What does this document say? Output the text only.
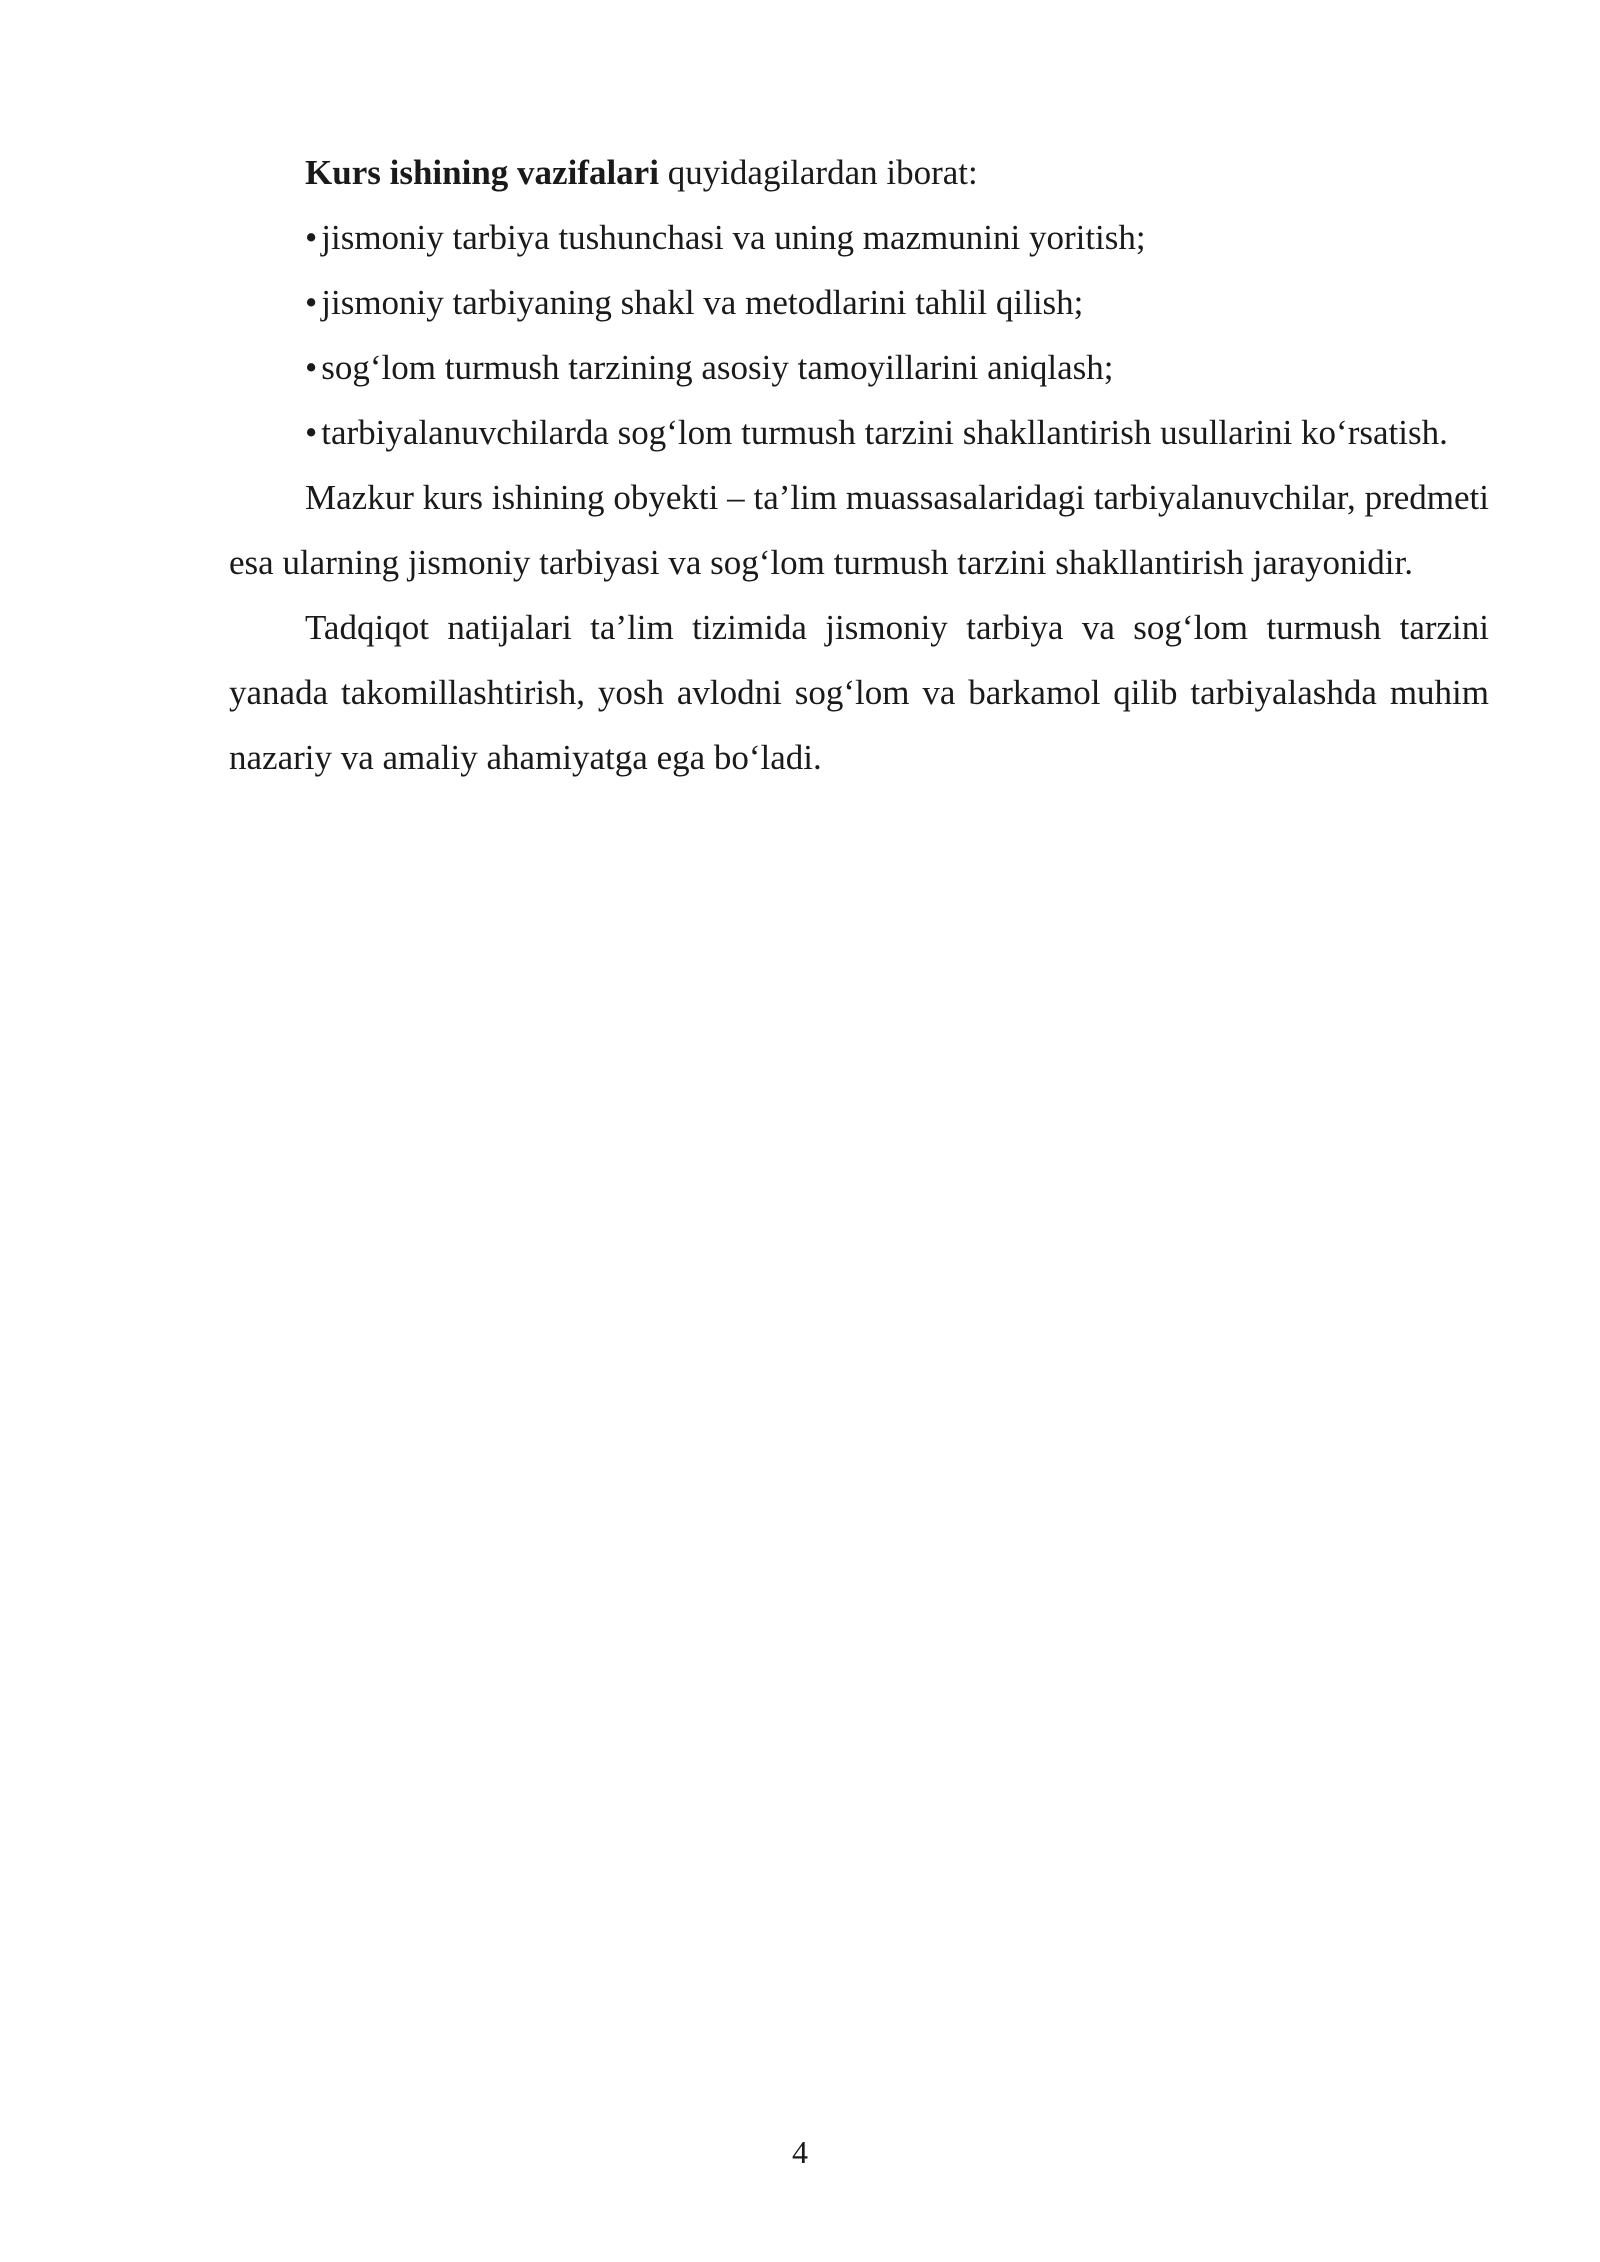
Kurs ishining vazifalari quyidagilardan iborat:

• jismoniy tarbiya tushunchasi va uning mazmunini yoritish;

• jismoniy tarbiyaning shakl va metodlarini tahlil qilish;

• sog‘lom turmush tarzining asosiy tamoyillarini aniqlash;

• tarbiyalanuvchilarda sog‘lom turmush tarzini shakllantirish usullarini ko‘rsatish.

Mazkur kurs ishining obyekti – ta’lim muassasalaridagi tarbiyalanuvchilar, predmeti esa ularning jismoniy tarbiyasi va sog‘lom turmush tarzini shakllantirish jarayonidir.

Tadqiqot natijalari ta’lim tizimida jismoniy tarbiya va sog‘lom turmush tarzini yanada takomillashtirish, yosh avlodni sog‘lom va barkamol qilib tarbiyalashda muhim nazariy va amaliy ahamiyatga ega bo‘ladi.

4
